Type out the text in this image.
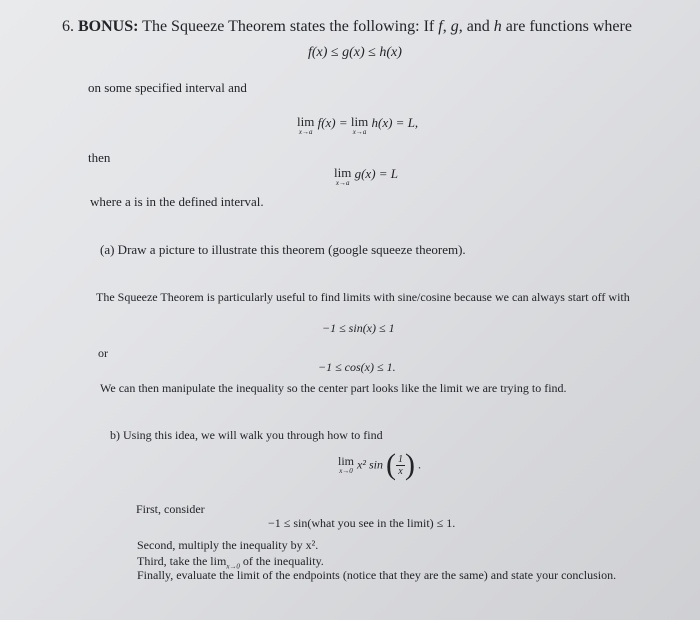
6. BONUS: The Squeeze Theorem states the following: If f, g, and h are functions where
f(x) ≤ g(x) ≤ h(x)
on some specified interval and
lim
x→a
f(x) = lim
x→a
h(x) = L,
then
lim
x→a
g(x) = L
where a is in the defined interval.
(a) Draw a picture to illustrate this theorem (google squeeze theorem).
The Squeeze Theorem is particularly useful to find limits with sine/cosine because we can always start off with
−1 ≤ sin(x) ≤ 1
or
−1 ≤ cos(x) ≤ 1.
We can then manipulate the inequality so the center part looks like the limit we are trying to find.
b) Using this idea, we will walk you through how to find
lim
x→0 x² sin ( $\frac{1}{x}$ ) .
First, consider
−1 ≤ sin(what you see in the limit) ≤ 1.
Second, multiply the inequality by x².
Third, take the $\lim_{x\to 0}$ of the inequality.
Finally, evaluate the limit of the endpoints (notice that they are the same) and state your conclusion.
